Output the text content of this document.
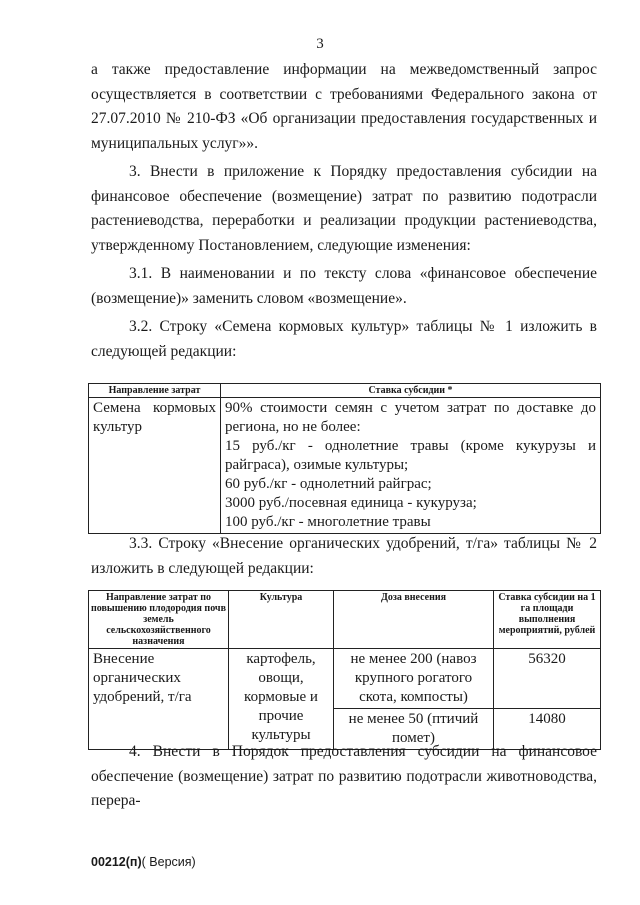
3

а также предоставление информации на межведомственный запрос осуществляется в соответствии с требованиями Федерального закона от 27.07.2010 № 210-ФЗ «Об организации предоставления государственных и муниципальных услуг»».

3. Внести в приложение к Порядку предоставления субсидии на финансовое обеспечение (возмещение) затрат по развитию подотрасли растениеводства, переработки и реализации продукции растениеводства, утвержденному Постановлением, следующие изменения:

3.1. В наименовании и по тексту слова «финансовое обеспечение (возмещение)» заменить словом «возмещение».

3.2. Строку «Семена кормовых культур» таблицы № 1 изложить в следующей редакции:

Направление затрат	Ставка субсидии *
Семена кормовых культур	90% стоимости семян с учетом затрат по доставке до региона, но не более:
15 руб./кг - однолетние травы (кроме кукурузы и райграса), озимые культуры;
60 руб./кг - однолетний райграс;
3000 руб./посевная единица - кукуруза;
100 руб./кг - многолетние травы

3.3. Строку «Внесение органических удобрений, т/га» таблицы № 2 изложить в следующей редакции:

Направление затрат по повышению плодородия почв земель сельскохозяйственного назначения	Культура	Доза внесения	Ставка субсидии на 1 га площади выполнения мероприятий, рублей
Внесение органических удобрений, т/га	картофель, овощи, кормовые и прочие культуры	не менее 200 (навоз крупного рогатого скота, компосты)	56320
		не менее 50 (птичий помет)	14080

4. Внести в Порядок предоставления субсидии на финансовое обеспечение (возмещение) затрат по развитию подотрасли животноводства, перера-

00212(п)( Версия)
